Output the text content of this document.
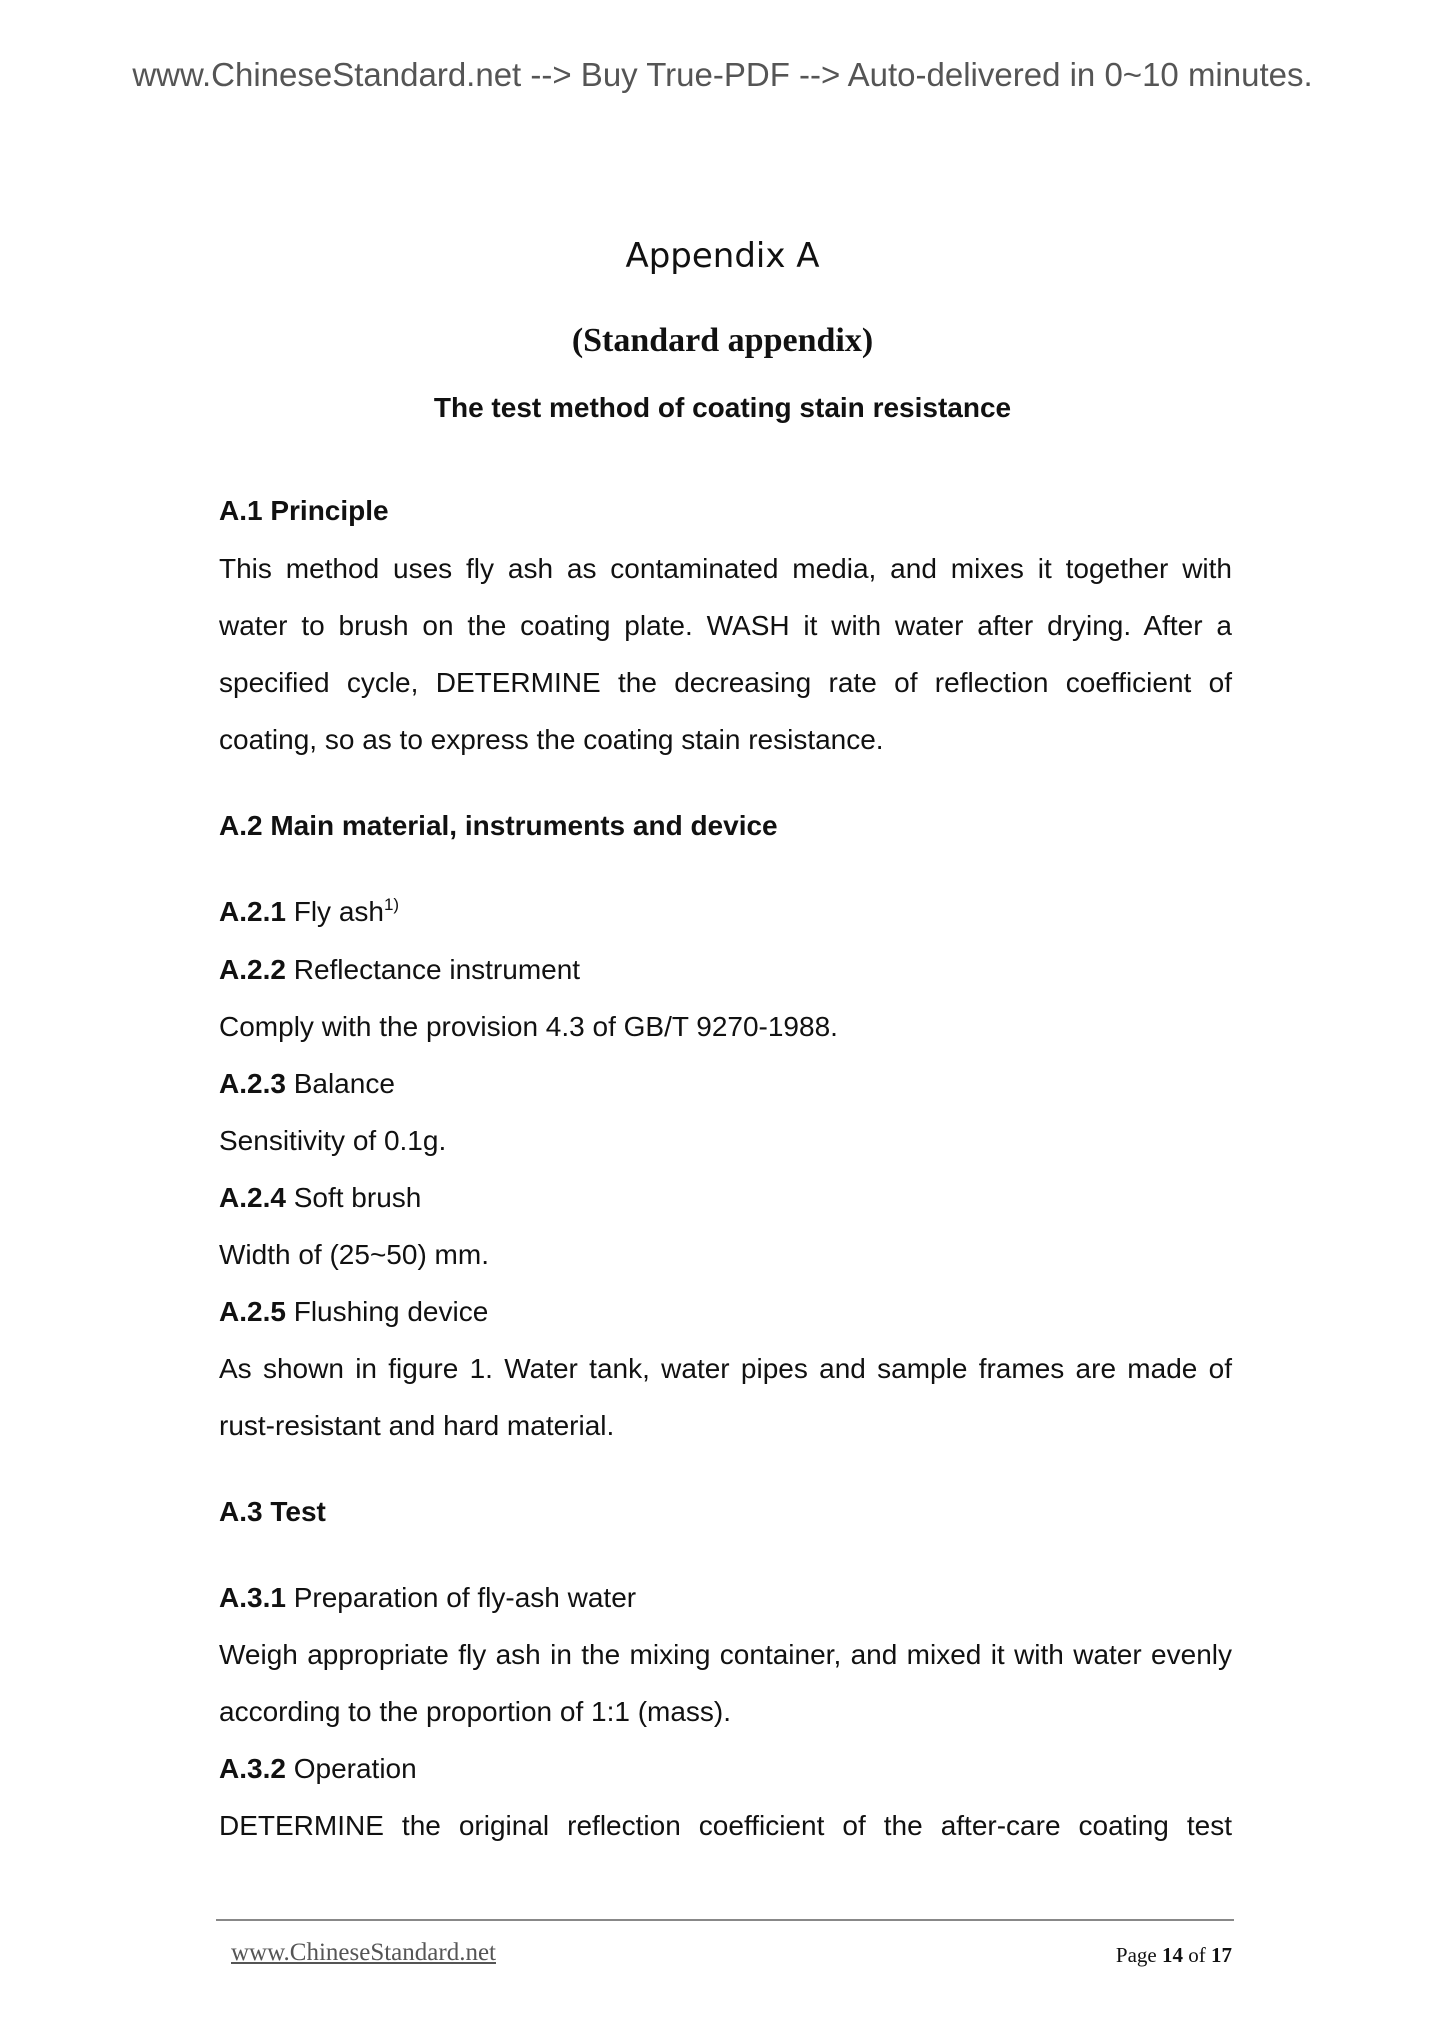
www.ChineseStandard.net --> Buy True-PDF --> Auto-delivered in 0~10 minutes.
Appendix A
(Standard appendix)
The test method of coating stain resistance
A.1 Principle
This method uses fly ash as contaminated media, and mixes it together with
water to brush on the coating plate. WASH it with water after drying. After a
specified cycle, DETERMINE the decreasing rate of reflection coefficient of
coating, so as to express the coating stain resistance.
A.2 Main material, instruments and device
A.2.1 Fly ash$^{1)}$
A.2.2 Reflectance instrument
Comply with the provision 4.3 of GB/T 9270-1988.
A.2.3 Balance
Sensitivity of 0.1g.
A.2.4 Soft brush
Width of (25~50) mm.
A.2.5 Flushing device
As shown in figure 1. Water tank, water pipes and sample frames are made of
rust-resistant and hard material.
A.3 Test
A.3.1 Preparation of fly-ash water
Weigh appropriate fly ash in the mixing container, and mixed it with water evenly
according to the proportion of 1:1 (mass).
A.3.2 Operation
DETERMINE the original reflection coefficient of the after-care coating test
www.ChineseStandard.net	Page 14 of 17
